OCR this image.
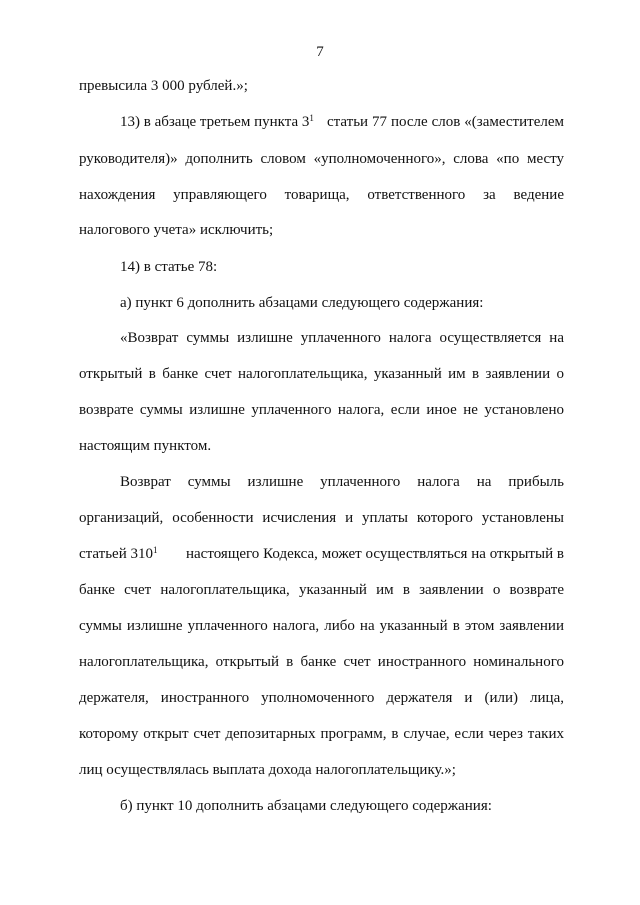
7
превысила 3 000 рублей.»;
13) в абзаце третьем пункта $3^1$ статьи 77 после слов «(заместителем
руководителя)» дополнить словом «уполномоченного», слова «по месту
нахождения управляющего товарища, ответственного за ведение
налогового учета» исключить;
14) в статье 78:
а) пункт 6 дополнить абзацами следующего содержания:
«Возврат суммы излишне уплаченного налога осуществляется на
открытый в банке счет налогоплательщика, указанный им в заявлении о
возврате суммы излишне уплаченного налога, если иное не установлено
настоящим пунктом.
Возврат суммы излишне уплаченного налога на прибыль
организаций, особенности исчисления и уплаты которого установлены
статьей $310^1$ настоящего Кодекса, может осуществляться на открытый в
банке счет налогоплательщика, указанный им в заявлении о возврате
суммы излишне уплаченного налога, либо на указанный в этом заявлении
налогоплательщика, открытый в банке счет иностранного номинального
держателя, иностранного уполномоченного держателя и (или) лица,
которому открыт счет депозитарных программ, в случае, если через таких
лиц осуществлялась выплата дохода налогоплательщику.»;
б) пункт 10 дополнить абзацами следующего содержания:
